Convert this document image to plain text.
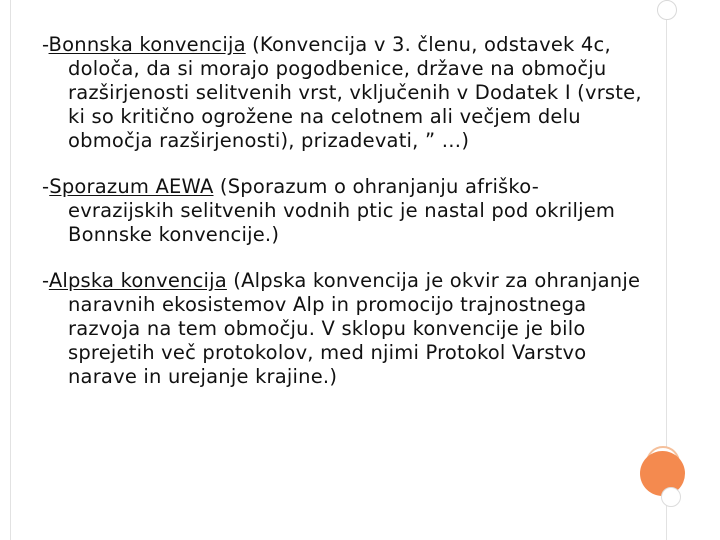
-Bonnska konvencija (Konvencija v 3. členu, odstavek 4c, določa, da si morajo pogodbenice, države na območju razširjenosti selitvenih vrst, vključenih v Dodatek I (vrste, ki so kritično ogrožene na celotnem ali večjem delu območja razširjenosti), prizadevati, ” …)

-Sporazum AEWA (Sporazum o ohranjanju afriško-evrazijskih selitvenih vodnih ptic je nastal pod okriljem Bonnske konvencije.)

-Alpska konvencija (Alpska konvencija je okvir za ohranjanje naravnih ekosistemov Alp in promocijo trajnostnega razvoja na tem območju. V sklopu konvencije je bilo sprejetih več protokolov, med njimi Protokol Varstvo narave in urejanje krajine.)
